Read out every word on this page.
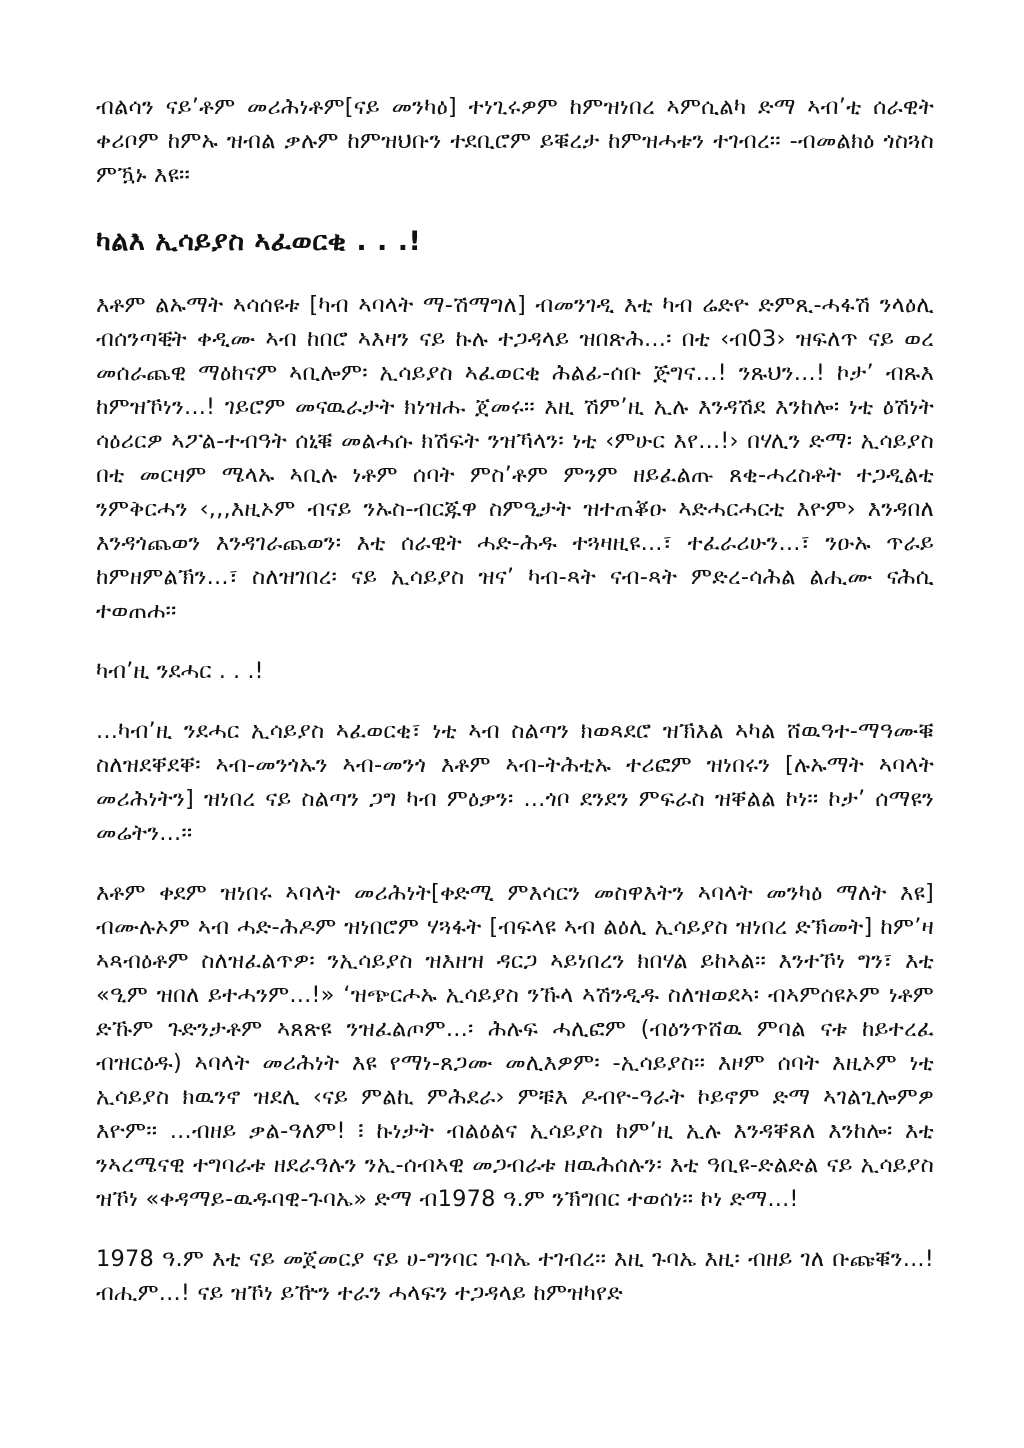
ብልሳን ናይ’ቶም መሪሕነቶም[ናይ መንካዕ] ተነጊሩዎም ከምዝነበረ ኣምሲልካ ድማ ኣብ’ቲ ሰራዊት ቀሪቦም ከምኡ ዝብል ቃሉም ከምዝህቡን ተደቢሮም ይቑረታ ከምዝሓቱን ተገብረ፡፡ -ብመልክዕ ጎስጓስ ምዃኑ እዩ፡፡

ካልእ ኢሳይያስ ኣፈወርቂ . . .!

እቶም ልኡማት ኣሳሰዩቱ [ካብ ኣባላት ማ-ሽማግለ] ብመንገዲ እቲ ካብ ሬድዮ ድምጺ-ሓፋሽ ንላዕሊ ብሰንጣቒት ቀዲሙ ኣብ ከበሮ ኣእዛን ናይ ኩሉ ተጋዳላይ ዝበጽሕ...፡ በቲ ‹ብ03› ዝፍለጥ ናይ ወረ መሰራጨዊ ማዕከናም ኣቢሎም፡ ኢሳይያስ ኣፈወርቂ ሕልፊ-ሰቡ ጅግና...! ንጹህን...! ኮታ’ ብጹእ ከምዝኾነን...! ገይሮም መናዉራታት ክነዝሑ ጀመሩ፡፡ እዚ ሽም’ዚ ኢሉ እንዳሽደ እንከሎ፡ ነቲ ዕሽነት ሳዕሪርዎ ኣፖል-ተብዓት ሰኒቑ መልሓሱ ክሽፍት ንዝኻላን፡ ነቲ ‹ምሁር እየ...!› በሃሊን ድማ፡ ኢሳይያስ በቲ መርዛም ሜላኡ ኣቢሉ ነቶም ሰባት ምስ’ቶም ምንም ዘይፈልጡ ጸቂ-ሓረስቶት ተጋዲልቲ ንምቅርሓን ‹,,,እዚኦም ብናይ ንኡስ-ብርጁዋ ስምዒታት ዝተጠቖዑ ኣድሓርሓርቲ እዮም› እንዳበለ እንዳጎጨወን እንዳገራጨወን፡ እቲ ሰራዊት ሓድ-ሕዱ ተጓዛዚዩ...፣ ተፈራሪሁን...፣ ንዑኡ ጥራይ ከምዘምልኽን...፣ ስለዝገበረ፡ ናይ ኢሳይያስ ዝና’ ካብ-ጻት ናብ-ጻት ምድረ-ሳሕል ልሒሙ ናሕሲ ተወጠሐ፡፡

ካብ’ዚ ንደሓር . . .!

...ካብ’ዚ ንደሓር ኢሳይያስ ኣፈወርቂ፣ ነቲ ኣብ ስልጣን ክወጻደሮ ዝኽእል ኣካል ሸዉዓተ-ማዓሙቑ ስለዝደቐደቐ፡ ኣብ-መንጎኡን ኣብ-መንጎ እቶም ኣብ-ትሕቲኡ ተሪፎም ዝነበሩን [ሉኡማት ኣባላት መሪሕነትን] ዝነበረ ናይ ስልጣን ጋግ ካብ ምዕቃን፡ ...ጎቦ ደንደን ምፍራስ ዝቐልል ኮነ፡፡ ኮታ’ ሰማዩን መሬትን...፡፡

እቶም ቀደም ዝነበሩ ኣባላት መሪሕነት[ቀድሚ ምእሳርን መስዋእትን ኣባላት መንካዕ ማለት እዩ] ብሙሉኦም ኣብ ሓድ-ሕዶም ዝነበሮም ሃጓፋት [ብፍላዩ ኣብ ልዕሊ ኢሳይያስ ዝነበረ ድኽመት] ከም’ዛ ኣጻብዕቶም ስለዝፈልጥዎ፡ ንኢሳይያስ ዝእዘዝ ዳርጋ ኣይነበረን ክበሃል ይከኣል፡፡ እንተኾነ ግን፣ እቲ «ዒም ዝበለ ይተሓንም...!» ‘ዝጭርሖኡ ኢሳይያስ ንኹላ ኣሽንዲዱ ስለዝወደኣ፡ ብኣምሰዩኦም ነቶም ድኹም ጉድንታቶም ኣጸጽዩ ንዝፈልጦም...፡ ሕሉፍ ሓሊፎም (ብዕንጥሸዉ ምባል ናቱ ከይተረፈ ብዝርዕዱ) ኣባላት መሪሕነት እዩ የማነ-ጸጋሙ መሊእዎም፡ -ኢሳይያስ፡፡ እዞም ሰባት እዚኦም ነቲ ኢሳይያስ ክዉንኖ ዝደሊ ‹ናይ ምልኪ ምሕደራ› ምቹእ ዶብዮ-ዓራት ኮይኖም ድማ ኣገልጊሎምዎ እዮም፡፡ ...ብዘይ ቃል-ዓለም! ፧ ኩነታት ብልዕልና ኢሳይያስ ከም’ዚ ኢሉ እንዳቐጸለ እንከሎ፡ እቲ ንኣረሜናዊ ተግባራቱ ዘደራዓሉን ንኢ-ሰብኣዊ መጋብራቱ ዘዉሕሰሉን፡ እቲ ዓቢዩ-ድልድል ናይ ኢሳይያስ ዝኾነ «ቀዳማይ-ዉዱባዊ-ጉባኤ» ድማ ብ1978 ዓ.ም ንኽግበር ተወሰነ፡፡ ኮነ ድማ...!

1978 ዓ.ም እቲ ናይ መጀመርያ ናይ ሀ-ግንባር ጉባኤ ተገብረ፡፡ እዚ ጉባኤ እዚ፡ ብዘይ ገለ ቡጩቑን...! ብሒም...! ናይ ዝኾነ ይዅን ተራን ሓላፍን ተጋዳላይ ከምዝካየድ
